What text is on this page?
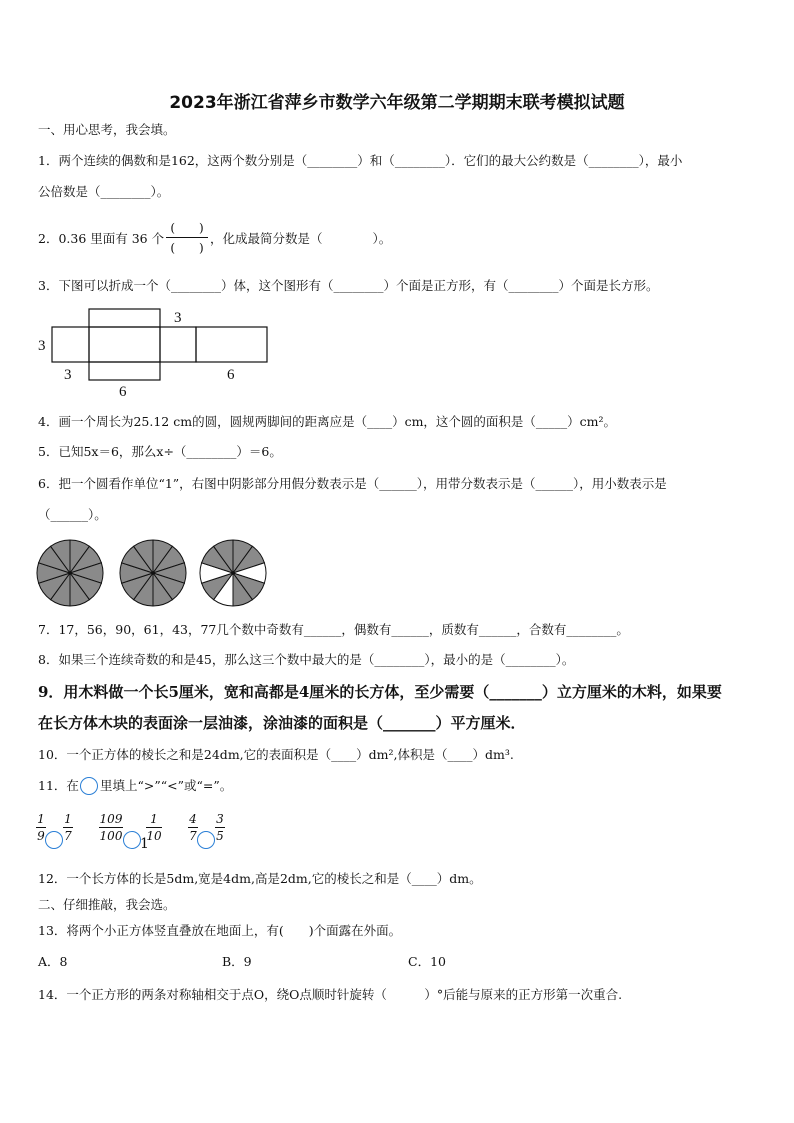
2023年浙江省萍乡市数学六年级第二学期期末联考模拟试题
一、用心思考，我会填。
1．两个连续的偶数和是162，这两个数分别是（________）和（________）．它们的最大公约数是（________），最小
公倍数是（________）。
2．0.36 里面有 36 个
(　　)
(　　)
，化成最简分数是（　　　　）。
3．下图可以折成一个（________）体，这个图形有（________）个面是正方形，有（________）个面是长方形。
3
3
3
6
6
4．画一个周长为25.12 cm的圆，圆规两脚间的距离应是（____）cm，这个圆的面积是（_____）cm²。
5．已知5x＝6，那么x÷（________）＝6。
6．把一个圆看作单位“1”，右图中阴影部分用假分数表示是（______），用带分数表示是（______），用小数表示是
（______）。
7．17，56，90，61，43，77几个数中奇数有______，偶数有______，质数有______，合数有________。
8．如果三个连续奇数的和是45，那么这三个数中最大的是（________），最小的是（________）。
9．用木料做一个长5厘米，宽和高都是4厘米的长方体，至少需要（_______）立方厘米的木料，如果要
在长方体木块的表面涂一层油漆，涂油漆的面积是（_______）平方厘米．
10．一个正方体的棱长之和是24dm,它的表面积是（____）dm²,体积是（____）dm³.
11．在 里填上“>”“<”或“=”。
1
9
1
7
109
100 1
1
10
4
7
3
5
12．一个长方体的长是5dm,宽是4dm,高是2dm,它的棱长之和是（____）dm。
二、仔细推敲，我会选。
13．将两个小正方体竖直叠放在地面上，有(　　)个面露在外面。
A．8	B．9	C．10
14．一个正方形的两条对称轴相交于点O，绕O点顺时针旋转（　　　）°后能与原来的正方形第一次重合.
